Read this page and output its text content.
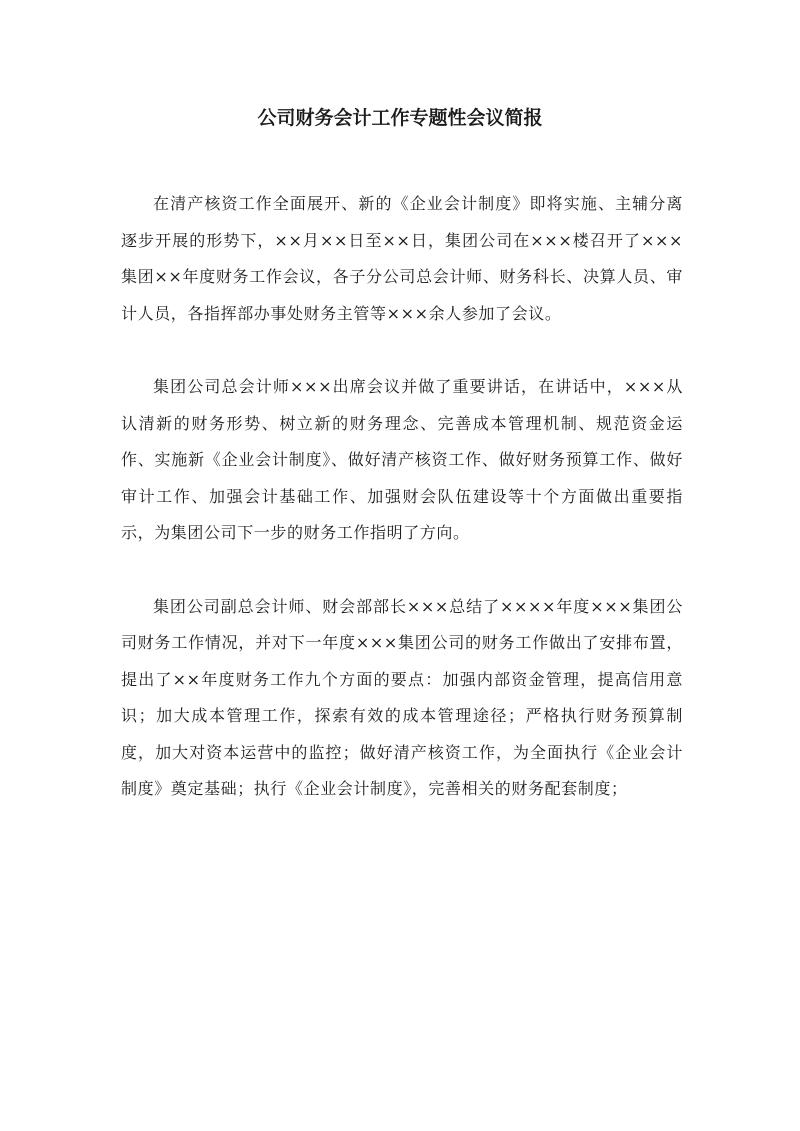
公司财务会计工作专题性会议简报

在清产核资工作全面展开、新的《企业会计制度》即将实施、主辅分离逐步开展的形势下，××月××日至××日，集团公司在×××楼召开了×××集团××年度财务工作会议，各子分公司总会计师、财务科长、决算人员、审计人员，各指挥部办事处财务主管等×××余人参加了会议。

集团公司总会计师×××出席会议并做了重要讲话，在讲话中，×××从认清新的财务形势、树立新的财务理念、完善成本管理机制、规范资金运作、实施新《企业会计制度》、做好清产核资工作、做好财务预算工作、做好审计工作、加强会计基础工作、加强财会队伍建设等十个方面做出重要指示，为集团公司下一步的财务工作指明了方向。

集团公司副总会计师、财会部部长×××总结了××××年度×××集团公司财务工作情况，并对下一年度×××集团公司的财务工作做出了安排布置，提出了××年度财务工作九个方面的要点：加强内部资金管理，提高信用意识；加大成本管理工作，探索有效的成本管理途径；严格执行财务预算制度，加大对资本运营中的监控；做好清产核资工作，为全面执行《企业会计制度》奠定基础；执行《企业会计制度》，完善相关的财务配套制度；
